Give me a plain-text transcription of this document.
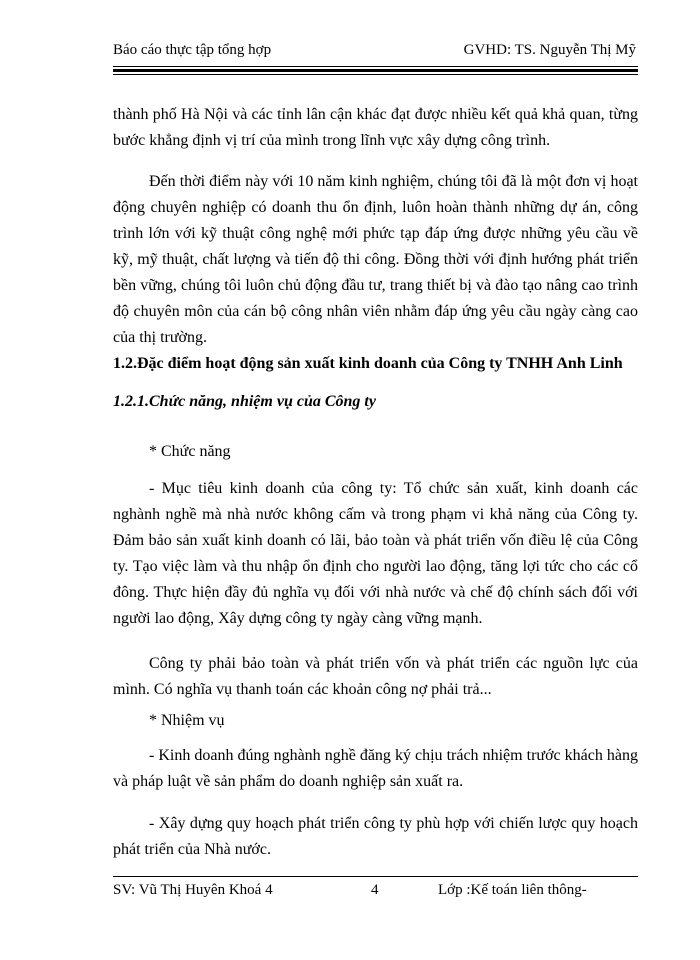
Báo cáo thực tập tổng hợp	GVHD: TS. Nguyễn Thị Mỹ

thành phố Hà Nội và các tỉnh lân cận khác đạt được nhiều kết quả khả quan, từng bước khẳng định vị trí của mình trong lĩnh vực xây dựng công trình.

Đến thời điểm này với 10 năm kinh nghiệm, chúng tôi đã là một đơn vị hoạt động chuyên nghiệp có doanh thu ổn định, luôn hoàn thành những dự án, công trình lớn với kỹ thuật công nghệ mới phức tạp đáp ứng được những yêu cầu về kỹ, mỹ thuật, chất lượng và tiến độ thi công. Đồng thời với định hướng phát triển bền vững, chúng tôi luôn chủ động đầu tư, trang thiết bị và đào tạo nâng cao trình độ chuyên môn của cán bộ công nhân viên nhằm đáp ứng yêu cầu ngày càng cao của thị trường.

1.2.Đặc điểm hoạt động sản xuất kinh doanh của Công ty TNHH Anh Linh
1.2.1.Chức năng, nhiệm vụ của Công ty

* Chức năng

- Mục tiêu kinh doanh của công ty: Tổ chức sản xuất, kinh doanh các nghành nghề mà nhà nước không cấm và trong phạm vi khả năng của Công ty. Đảm bảo sản xuất kinh doanh có lãi, bảo toàn và phát triển vốn điều lệ của Công ty. Tạo việc làm và thu nhập ổn định cho người lao động, tăng lợi tức cho các cổ đông. Thực hiện đầy đủ nghĩa vụ đối với nhà nước và chế độ chính sách đối với người lao động, Xây dựng công ty ngày càng vững mạnh.

Công ty phải bảo toàn và phát triển vốn và phát triển các nguồn lực của mình. Có nghĩa vụ thanh toán các khoản công nợ phải trả...

* Nhiệm vụ

- Kinh doanh đúng nghành nghề đăng ký chịu trách nhiệm trước khách hàng và pháp luật về sản phẩm do doanh nghiệp sản xuất ra.

- Xây dựng quy hoạch phát triển công ty phù hợp với chiến lược quy hoạch phát triển của Nhà nước.

SV: Vũ Thị Huyên Khoá 4	4	Lớp :Kế toán liên thông-
